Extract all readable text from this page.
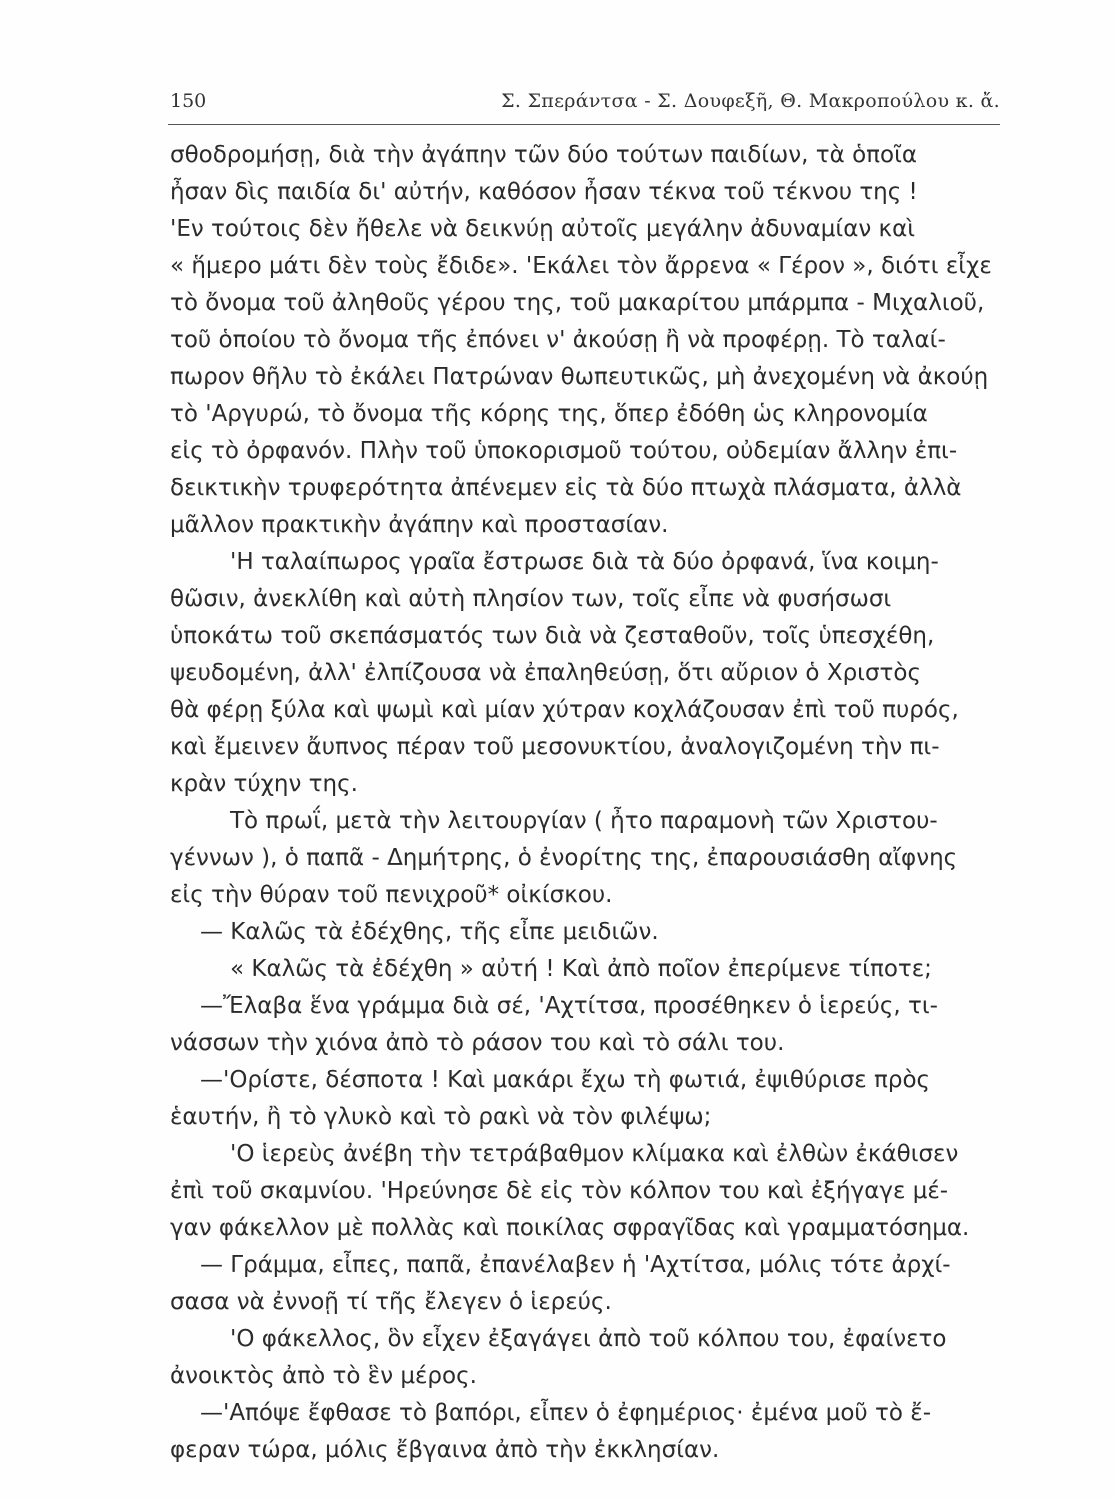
150	Σ. Σπεράντσα - Σ. Δουφεξῆ, Θ. Μακροπούλου κ. ἄ.
σθοδρομήσῃ, διὰ τὴν ἀγάπην τῶν δύο τούτων παιδίων, τὰ ὁποῖα
ἦσαν δὶς παιδία δι' αὐτήν, καθόσον ἦσαν τέκνα τοῦ τέκνου της !
'Εν τούτοις δὲν ἤθελε νὰ δεικνύῃ αὐτοῖς μεγάλην ἀδυναμίαν καὶ
« ἥμερο μάτι δὲν τοὺς ἔδιδε». 'Εκάλει τὸν ἄρρενα « Γέρον », διότι εἶχε
τὸ ὄνομα τοῦ ἀληθοῦς γέρου της, τοῦ μακαρίτου μπάρμπα - Μιχαλιοῦ,
τοῦ ὁποίου τὸ ὄνομα τῆς ἐπόνει ν' ἀκούσῃ ἢ νὰ προφέρῃ. Τὸ ταλαί-
πωρον θῆλυ τὸ ἐκάλει Πατρώναν θωπευτικῶς, μὴ ἀνεχομένη νὰ ἀκούῃ
τὸ 'Αργυρώ, τὸ ὄνομα τῆς κόρης της, ὅπερ ἐδόθη ὡς κληρονομία
εἰς τὸ ὀρφανόν. Πλὴν τοῦ ὑποκορισμοῦ τούτου, οὐδεμίαν ἄλλην ἐπι-
δεικτικὴν τρυφερότητα ἀπένεμεν εἰς τὰ δύο πτωχὰ πλάσματα, ἀλλὰ
μᾶλλον πρακτικὴν ἀγάπην καὶ προστασίαν.
'Η ταλαίπωρος γραῖα ἔστρωσε διὰ τὰ δύο ὀρφανά, ἵνα κοιμη-
θῶσιν, ἀνεκλίθη καὶ αὐτὴ πλησίον των, τοῖς εἶπε νὰ φυσήσωσι
ὑποκάτω τοῦ σκεπάσματός των διὰ νὰ ζεσταθοῦν, τοῖς ὑπεσχέθη,
ψευδομένη, ἀλλ' ἐλπίζουσα νὰ ἐπαληθεύσῃ, ὅτι αὔριον ὁ Χριστὸς
θὰ φέρῃ ξύλα καὶ ψωμὶ καὶ μίαν χύτραν κοχλάζουσαν ἐπὶ τοῦ πυρός,
καὶ ἔμεινεν ἄυπνος πέραν τοῦ μεσονυκτίου, ἀναλογιζομένη τὴν πι-
κρὰν τύχην της.
Τὸ πρωΐ, μετὰ τὴν λειτουργίαν ( ἦτο παραμονὴ τῶν Χριστου-
γέννων ), ὁ παπᾶ - Δημήτρης, ὁ ἐνορίτης της, ἐπαρουσιάσθη αἴφνης
εἰς τὴν θύραν τοῦ πενιχροῦ* οἰκίσκου.
— Καλῶς τὰ ἐδέχθης, τῆς εἶπε μειδιῶν.
« Καλῶς τὰ ἐδέχθη » αὐτή ! Καὶ ἀπὸ ποῖον ἐπερίμενε τίποτε;
—Ἔλαβα ἕνα γράμμα διὰ σέ, 'Αχτίτσα, προσέθηκεν ὁ ἱερεύς, τι-
νάσσων τὴν χιόνα ἀπὸ τὸ ράσον του καὶ τὸ σάλι του.
—'Ορίστε, δέσποτα ! Καὶ μακάρι ἔχω τὴ φωτιά, ἐψιθύρισε πρὸς
ἑαυτήν, ἢ τὸ γλυκὸ καὶ τὸ ρακὶ νὰ τὸν φιλέψω;
'Ο ἱερεὺς ἀνέβη τὴν τετράβαθμον κλίμακα καὶ ἐλθὼν ἐκάθισεν
ἐπὶ τοῦ σκαμνίου. 'Ηρεύνησε δὲ εἰς τὸν κόλπον του καὶ ἐξήγαγε μέ-
γαν φάκελλον μὲ πολλὰς καὶ ποικίλας σφραγῖδας καὶ γραμματόσημα.
— Γράμμα, εἶπες, παπᾶ, ἐπανέλαβεν ἡ 'Αχτίτσα, μόλις τότε ἀρχί-
σασα νὰ ἐννοῇ τί τῆς ἔλεγεν ὁ ἱερεύς.
'Ο φάκελλος, ὃν εἶχεν ἐξαγάγει ἀπὸ τοῦ κόλπου του, ἐφαίνετο
ἀνοικτὸς ἀπὸ τὸ ἓν μέρος.
—'Απόψε ἔφθασε τὸ βαπόρι, εἶπεν ὁ ἐφημέριος· ἐμένα μοῦ τὸ ἔ-
φεραν τώρα, μόλις ἔβγαινα ἀπὸ τὴν ἐκκλησίαν.
